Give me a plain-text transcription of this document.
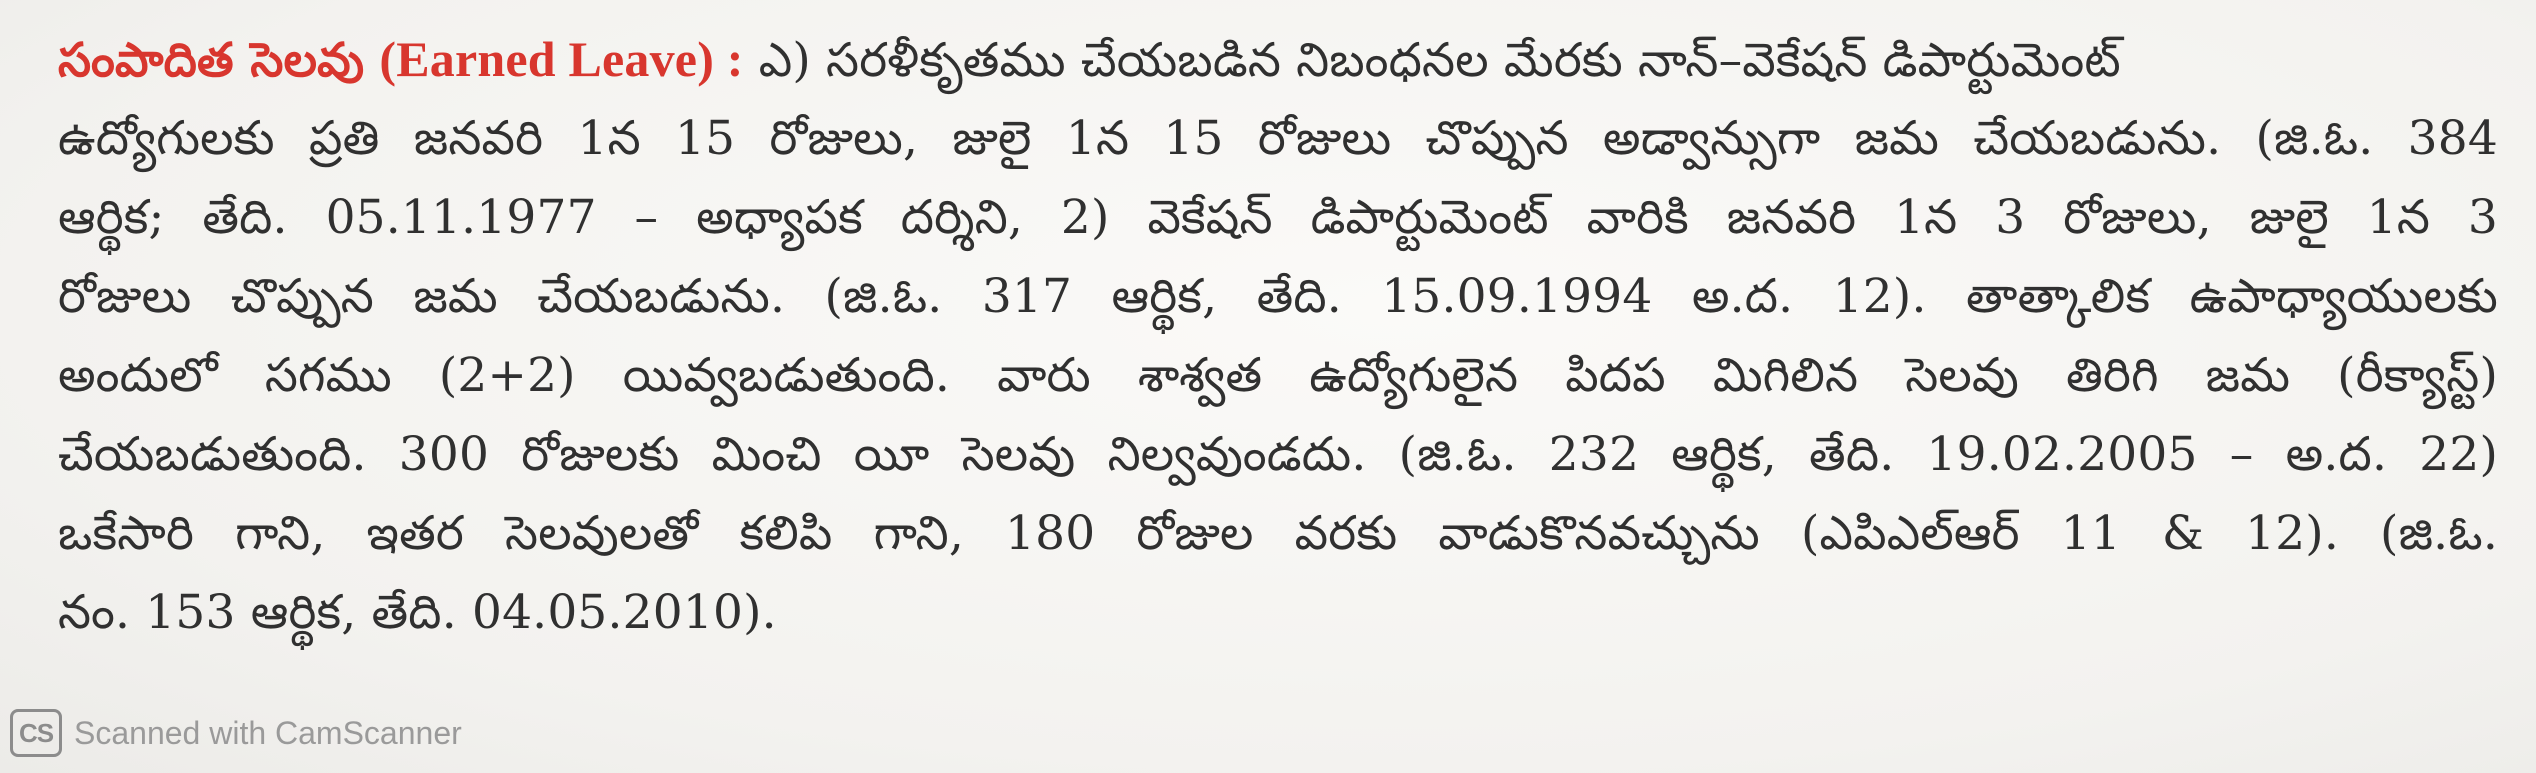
సంపాదిత సెలవు (Earned Leave) : ఎ) సరళీకృతము చేయబడిన నిబంధనల మేరకు నాన్–వెకేషన్ డిపార్టుమెంట్
ఉద్యోగులకు ప్రతి జనవరి 1న 15 రోజులు, జులై 1న 15 రోజులు చొప్పున అడ్వాన్సుగా జమ చేయబడును. (జి.ఓ. 384
ఆర్థిక; తేది. 05.11.1977 – అధ్యాపక దర్శిని, 2) వెకేషన్ డిపార్టుమెంట్ వారికి జనవరి 1న 3 రోజులు, జులై 1న 3
రోజులు చొప్పున జమ చేయబడును. (జి.ఓ. 317 ఆర్థిక, తేది. 15.09.1994 అ.ద. 12). తాత్కాలిక ఉపాధ్యాయులకు
అందులో సగము (2+2) యివ్వబడుతుంది. వారు శాశ్వత ఉద్యోగులైన పిదప మిగిలిన సెలవు తిరిగి జమ (రీక్యాస్ట్)
చేయబడుతుంది. 300 రోజులకు మించి యీ సెలవు నిల్వవుండదు. (జి.ఓ. 232 ఆర్థిక, తేది. 19.02.2005 – అ.ద. 22)
ఒకేసారి గాని, ఇతర సెలవులతో కలిపి గాని, 180 రోజుల వరకు వాడుకొనవచ్చును (ఎపిఎల్ఆర్ 11 & 12). (జి.ఓ.
నం. 153 ఆర్థిక, తేది. 04.05.2010).
CS Scanned with CamScanner
